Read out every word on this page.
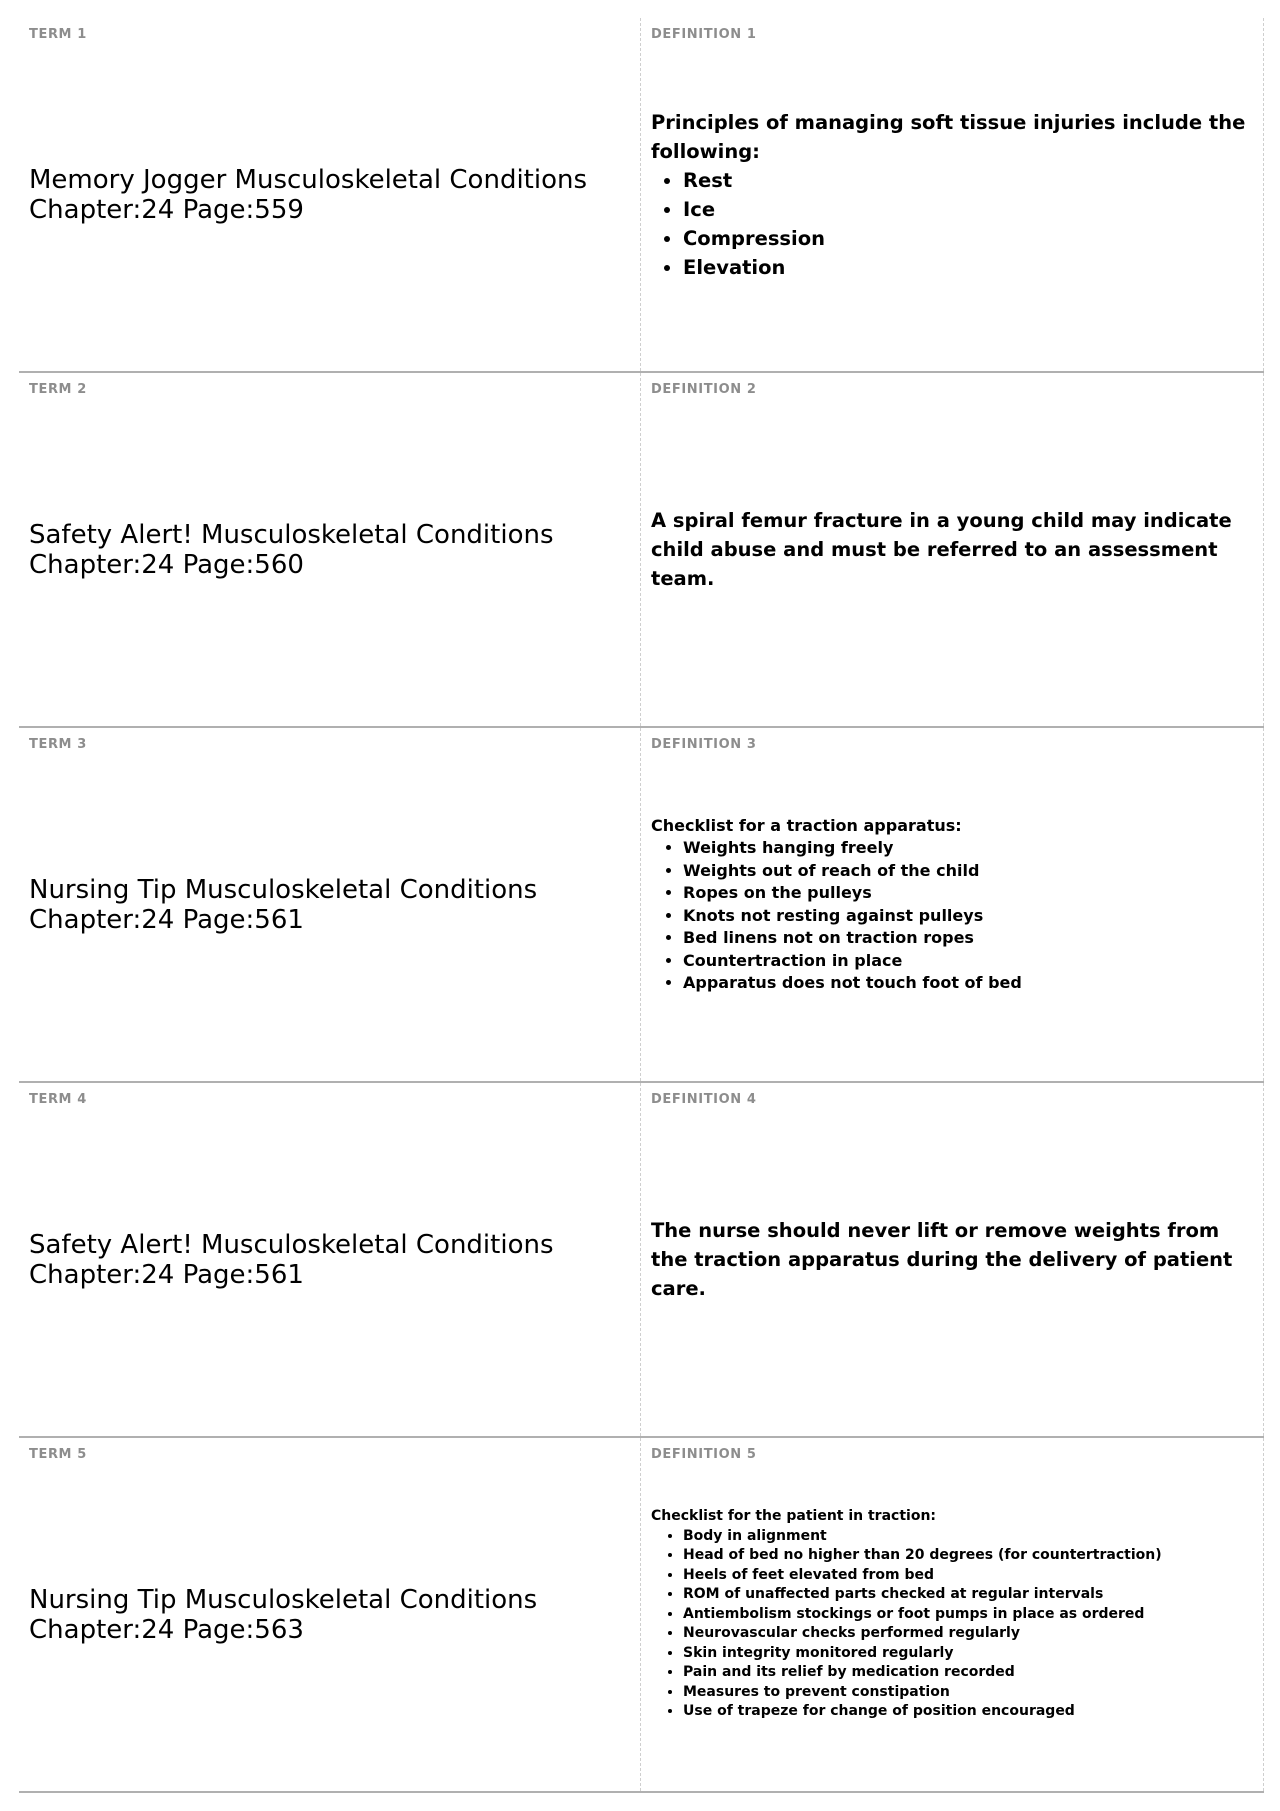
TERM 1
Memory Jogger Musculoskeletal Conditions
Chapter:24 Page:559
DEFINITION 1

Principles of managing soft tissue injuries include the following:

• Rest
• Ice
• Compression
• Elevation
TERM 2
Safety Alert! Musculoskeletal Conditions
Chapter:24 Page:560
DEFINITION 2

A spiral femur fracture in a young child may indicate child abuse and must be referred to an assessment team.

TERM 3
Nursing Tip Musculoskeletal Conditions
Chapter:24 Page:561
DEFINITION 3

Checklist for a traction apparatus:

• Weights hanging freely
• Weights out of reach of the child
• Ropes on the pulleys
• Knots not resting against pulleys
• Bed linens not on traction ropes
• Countertraction in place
• Apparatus does not touch foot of bed
TERM 4
Safety Alert! Musculoskeletal Conditions
Chapter:24 Page:561
DEFINITION 4

The nurse should never lift or remove weights from the traction apparatus during the delivery of patient care.

TERM 5
Nursing Tip Musculoskeletal Conditions
Chapter:24 Page:563
DEFINITION 5

Checklist for the patient in traction:

• Body in alignment
• Head of bed no higher than 20 degrees (for countertraction)
• Heels of feet elevated from bed
• ROM of unaffected parts checked at regular intervals
• Antiembolism stockings or foot pumps in place as ordered
• Neurovascular checks performed regularly
• Skin integrity monitored regularly
• Pain and its relief by medication recorded
• Measures to prevent constipation
• Use of trapeze for change of position encouraged
